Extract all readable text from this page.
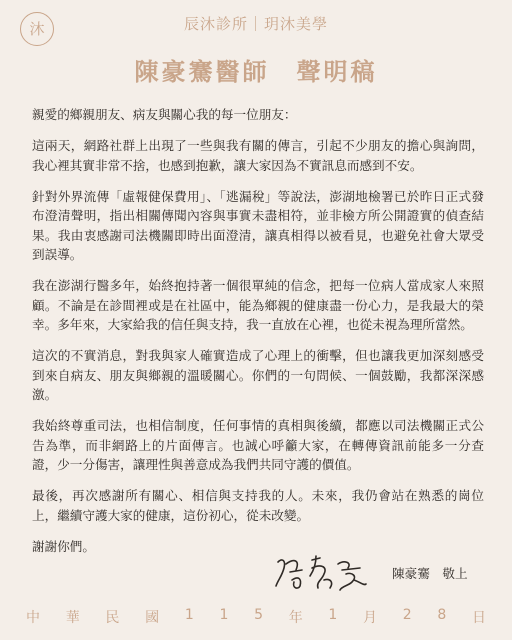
沐	辰沐診所｜玥沐美學
陳豪騫醫師　聲明稿

親愛的鄉親朋友、病友與關心我的每一位朋友：

這兩天，網路社群上出現了一些與我有關的傳言，引起不少朋友的擔心與詢問，我心裡其實非常不捨，也感到抱歉，讓大家因為不實訊息而感到不安。

針對外界流傳「虛報健保費用」、「逃漏稅」等說法，澎湖地檢署已於昨日正式發布澄清聲明，指出相關傳聞內容與事實未盡相符，並非檢方所公開證實的偵查結果。我由衷感謝司法機關即時出面澄清，讓真相得以被看見，也避免社會大眾受到誤導。

我在澎湖行醫多年，始終抱持著一個很單純的信念，把每一位病人當成家人來照顧。不論是在診間裡或是在社區中，能為鄉親的健康盡一份心力，是我最大的榮幸。多年來，大家給我的信任與支持，我一直放在心裡，也從未視為理所當然。

這次的不實消息，對我與家人確實造成了心理上的衝擊，但也讓我更加深刻感受到來自病友、朋友與鄉親的溫暖關心。你們的一句問候、一個鼓勵，我都深深感激。

我始終尊重司法，也相信制度，任何事情的真相與後續，都應以司法機關正式公告為準，而非網路上的片面傳言。也誠心呼籲大家，在轉傳資訊前能多一分查證，少一分傷害，讓理性與善意成為我們共同守護的價值。

最後，再次感謝所有關心、相信與支持我的人。未來，我仍會站在熟悉的崗位上，繼續守護大家的健康，這份初心，從未改變。

謝謝你們。

陳豪騫　敬上
中 華 民 國 1 1 5 年 1 月 2 8 日
